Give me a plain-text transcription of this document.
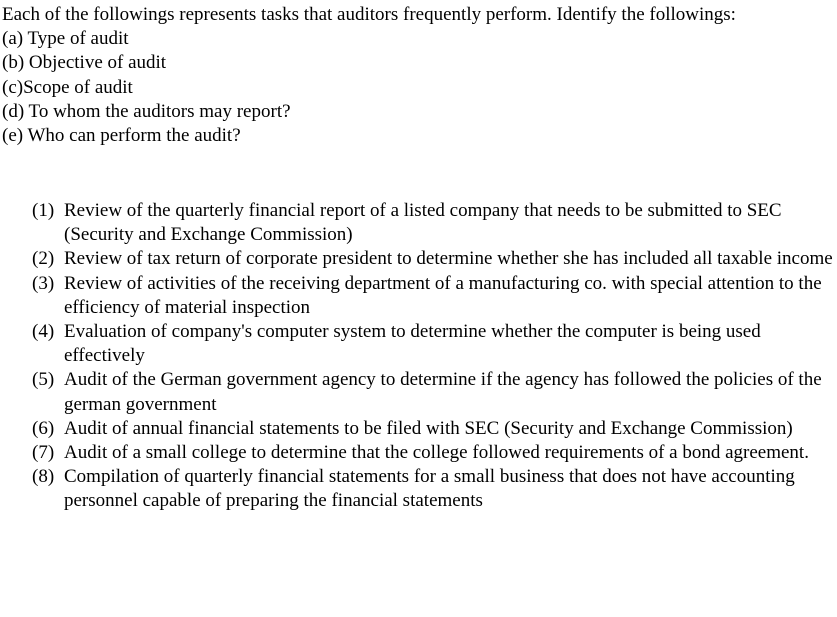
Each of the followings represents tasks that auditors frequently perform. Identify the followings:

(a) Type of audit

(b) Objective of audit

(c)Scope of audit

(d) To whom the auditors may report?

(e) Who can perform the audit?

(1) Review of the quarterly financial report of a listed company that needs to be submitted to SEC (Security and Exchange Commission)
(2) Review of tax return of corporate president to determine whether she has included all taxable income
(3) Review of activities of the receiving department of a manufacturing co. with special attention to the efficiency of material inspection
(4) Evaluation of company's computer system to determine whether the computer is being used effectively
(5) Audit of the German government agency to determine if the agency has followed the policies of the german government
(6) Audit of annual financial statements to be filed with SEC (Security and Exchange Commission)
(7) Audit of a small college to determine that the college followed requirements of a bond agreement.
(8) Compilation of quarterly financial statements for a small business that does not have accounting personnel capable of preparing the financial statements
